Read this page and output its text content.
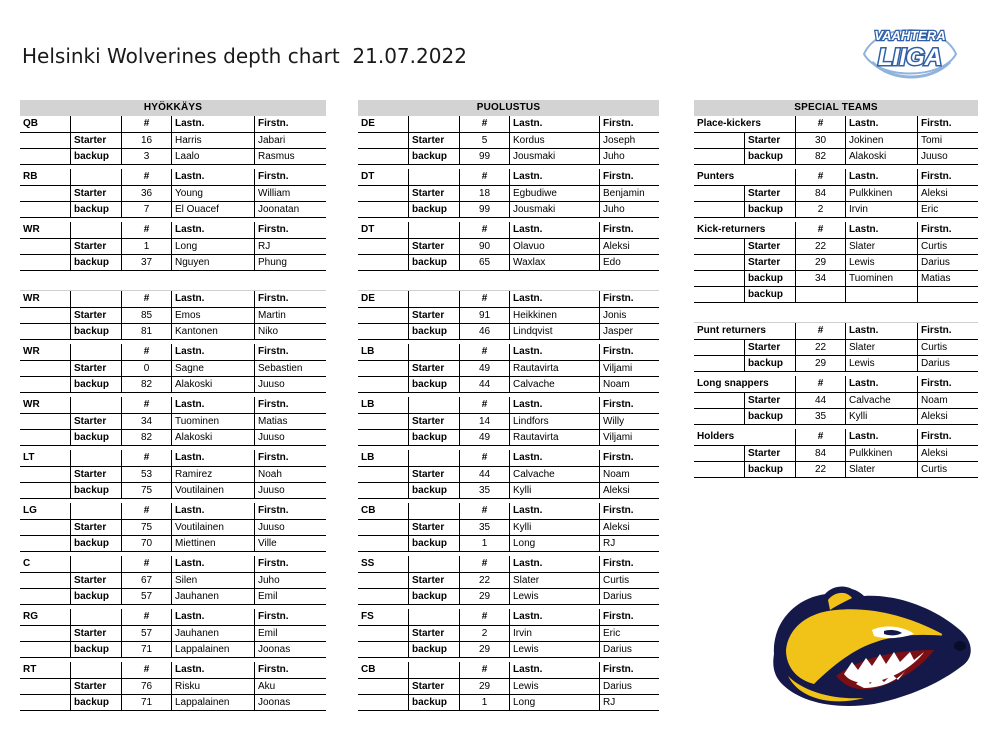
Helsinki Wolverines depth chart  21.07.2022
VAAHTERA
LIIGA
HYÖKKÄYS
QB	#	Lastn.	Firstn.
Starter	16	Harris	Jabari
backup	3	Laalo	Rasmus
RB	#	Lastn.	Firstn.
Starter	36	Young	William
backup	7	El Ouacef	Joonatan
WR	#	Lastn.	Firstn.
Starter	1	Long	RJ
backup	37	Nguyen	Phung
WR	#	Lastn.	Firstn.
Starter	85	Emos	Martin
backup	81	Kantonen	Niko
WR	#	Lastn.	Firstn.
Starter	0	Sagne	Sebastien
backup	82	Alakoski	Juuso
WR	#	Lastn.	Firstn.
Starter	34	Tuominen	Matias
backup	82	Alakoski	Juuso
LT	#	Lastn.	Firstn.
Starter	53	Ramirez	Noah
backup	75	Voutilainen	Juuso
LG	#	Lastn.	Firstn.
Starter	75	Voutilainen	Juuso
backup	70	Miettinen	Ville
C	#	Lastn.	Firstn.
Starter	67	Silen	Juho
backup	57	Jauhanen	Emil
RG	#	Lastn.	Firstn.
Starter	57	Jauhanen	Emil
backup	71	Lappalainen	Joonas
RT	#	Lastn.	Firstn.
Starter	76	Risku	Aku
backup	71	Lappalainen	Joonas
PUOLUSTUS
DE	#	Lastn.	Firstn.
Starter	5	Kordus	Joseph
backup	99	Jousmaki	Juho
DT	#	Lastn.	Firstn.
Starter	18	Egbudiwe	Benjamin
backup	99	Jousmaki	Juho
DT	#	Lastn.	Firstn.
Starter	90	Olavuo	Aleksi
backup	65	Waxlax	Edo
DE	#	Lastn.	Firstn.
Starter	91	Heikkinen	Jonis
backup	46	Lindqvist	Jasper
LB	#	Lastn.	Firstn.
Starter	49	Rautavirta	Viljami
backup	44	Calvache	Noam
LB	#	Lastn.	Firstn.
Starter	14	Lindfors	Willy
backup	49	Rautavirta	Viljami
LB	#	Lastn.	Firstn.
Starter	44	Calvache	Noam
backup	35	Kylli	Aleksi
CB	#	Lastn.	Firstn.
Starter	35	Kylli	Aleksi
backup	1	Long	RJ
SS	#	Lastn.	Firstn.
Starter	22	Slater	Curtis
backup	29	Lewis	Darius
FS	#	Lastn.	Firstn.
Starter	2	Irvin	Eric
backup	29	Lewis	Darius
CB	#	Lastn.	Firstn.
Starter	29	Lewis	Darius
backup	1	Long	RJ
SPECIAL TEAMS
Place-kickers	#	Lastn.	Firstn.
Starter	30	Jokinen	Tomi
backup	82	Alakoski	Juuso
Punters	#	Lastn.	Firstn.
Starter	84	Pulkkinen	Aleksi
backup	2	Irvin	Eric
Kick-returners	#	Lastn.	Firstn.
Starter	22	Slater	Curtis
Starter	29	Lewis	Darius
backup	34	Tuominen	Matias
backup
Punt returners	#	Lastn.	Firstn.
Starter	22	Slater	Curtis
backup	29	Lewis	Darius
Long snappers	#	Lastn.	Firstn.
Starter	44	Calvache	Noam
backup	35	Kylli	Aleksi
Holders	#	Lastn.	Firstn.
Starter	84	Pulkkinen	Aleksi
backup	22	Slater	Curtis
